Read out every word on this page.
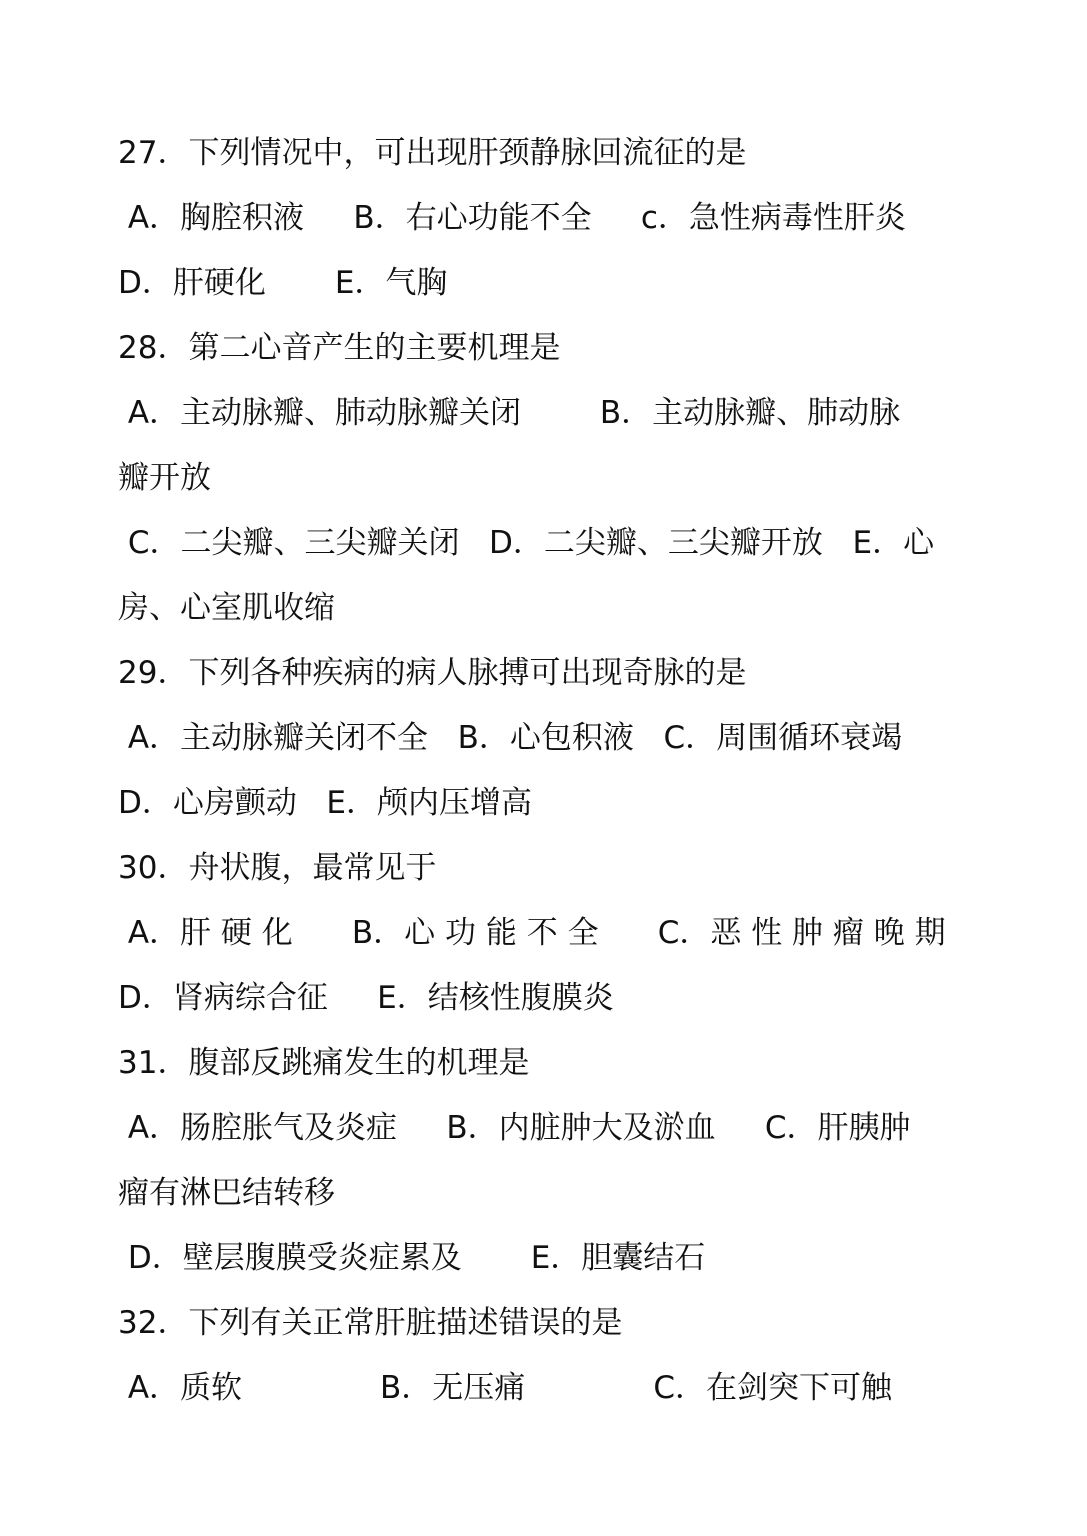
27．下列情况中，可出现肝颈静脉回流征的是
A．胸腔积液     B．右心功能不全     c．急性病毒性肝炎
D．肝硬化       E．气胸
28．第二心音产生的主要机理是
A．主动脉瓣、肺动脉瓣关闭        B．主动脉瓣、肺动脉
瓣开放
C．二尖瓣、三尖瓣关闭   D．二尖瓣、三尖瓣开放   E．心
房、心室肌收缩
29．下列各种疾病的病人脉搏可出现奇脉的是
A．主动脉瓣关闭不全   B．心包积液   C．周围循环衰竭
D．心房颤动   E．颅内压增高
30．舟状腹，最常见于
A．肝 硬 化      B．心 功 能 不 全      C．恶 性 肿 瘤 晚 期
D．肾病综合征     E．结核性腹膜炎
31．腹部反跳痛发生的机理是
A．肠腔胀气及炎症     B．内脏肿大及淤血     C．肝胰肿
瘤有淋巴结转移
D．壁层腹膜受炎症累及       E．胆囊结石
32．下列有关正常肝脏描述错误的是
A．质软              B．无压痛             C．在剑突下可触
